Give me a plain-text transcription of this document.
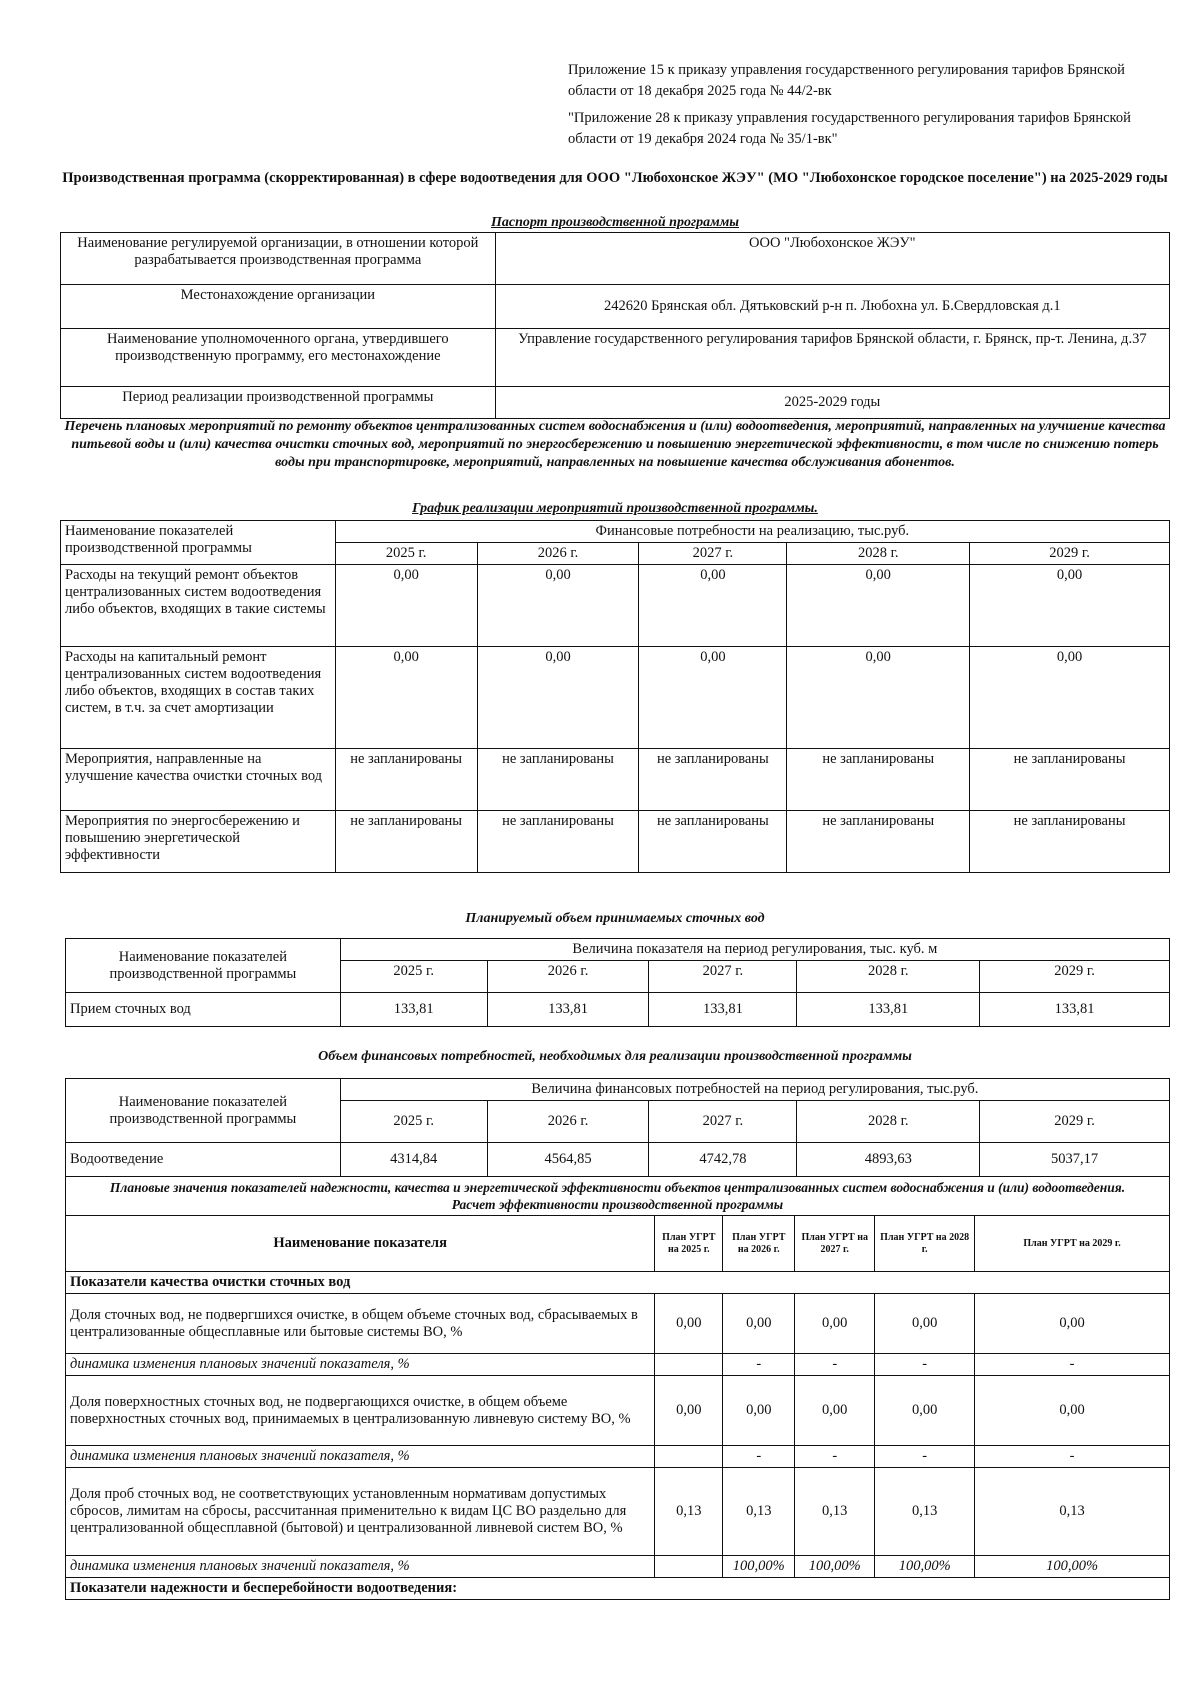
Приложение 15 к приказу управления государственного регулирования тарифов Брянской области от 18 декабря 2025 года № 44/2-вк
"Приложение 28 к приказу управления государственного регулирования тарифов Брянской области от 19 декабря 2024 года № 35/1-вк"
Производственная программа (скорректированная) в сфере водоотведения для ООО "Любохонское ЖЭУ" (МО "Любохонское городское поселение") на 2025-2029 годы
Паспорт производственной программы
Наименование регулируемой организации, в отношении которой разрабатывается производственная программа	ООО "Любохонское ЖЭУ"
Местонахождение организации	242620 Брянская обл. Дятьковский р-н п. Любохна ул. Б.Свердловская д.1
Наименование уполномоченного органа, утвердившего производственную программу, его местонахождение	Управление государственного регулирования тарифов Брянской области, г. Брянск, пр-т. Ленина, д.37
Период реализации производственной программы	2025-2029 годы
Перечень плановых мероприятий по ремонту объектов централизованных систем водоснабжения и (или) водоотведения, мероприятий, направленных на улучшение качества питьевой воды и (или) качества очистки сточных вод, мероприятий по энергосбережению и повышению энергетической эффективности, в том числе по снижению потерь воды при транспортировке, мероприятий, направленных на повышение качества обслуживания абонентов.
График реализации мероприятий производственной программы.
Наименование показателей производственной программы	Финансовые потребности на реализацию, тыс.руб.				
	2025 г.	2026 г.	2027 г.	2028 г.	2029 г.
Расходы на текущий ремонт объектов централизованных систем водоотведения либо объектов, входящих в такие системы	0,00	0,00	0,00	0,00	0,00
Расходы на капитальный ремонт централизованных систем водоотведения либо объектов, входящих в состав таких систем, в т.ч. за счет амортизации	0,00	0,00	0,00	0,00	0,00
Мероприятия, направленные на улучшение качества очистки сточных вод	не запланированы	не запланированы	не запланированы	не запланированы	не запланированы
Мероприятия по энергосбережению и повышению энергетической эффективности	не запланированы	не запланированы	не запланированы	не запланированы	не запланированы
Планируемый объем принимаемых сточных вод
Наименование показателей производственной программы	Величина показателя на период регулирования, тыс. куб. м				
	2025 г.	2026 г.	2027 г.	2028 г.	2029 г.
Прием сточных вод	133,81	133,81	133,81	133,81	133,81
Объем финансовых потребностей, необходимых для реализации производственной программы
Наименование показателей производственной программы	Величина финансовых потребностей на период регулирования, тыс.руб.				
	2025 г.	2026 г.	2027 г.	2028 г.	2029 г.
Водоотведение	4314,84	4564,85	4742,78	4893,63	5037,17
Плановые значения показателей надежности, качества и энергетической эффективности объектов централизованных систем водоснабжения и (или) водоотведения.
Расчет эффективности производственной программы					
Наименование показателя	План УГРТ на 2025 г.	План УГРТ на 2026 г.	План УГРТ на 2027 г.	План УГРТ на 2028 г.	План УГРТ на 2029 г.
Показатели качества очистки сточных вод					
Доля сточных вод, не подвергшихся очистке, в общем объеме сточных вод, сбрасываемых в централизованные общесплавные или бытовые системы ВО, %	0,00	0,00	0,00	0,00	0,00
динамика изменения плановых значений показателя, %		-	-	-	-
Доля поверхностных сточных вод, не подвергающихся очистке, в общем объеме поверхностных сточных вод, принимаемых в централизованную ливневую систему ВО, %	0,00	0,00	0,00	0,00	0,00
динамика изменения плановых значений показателя, %		-	-	-	-
Доля проб сточных вод, не соответствующих установленным нормативам допустимых сбросов, лимитам на сбросы, рассчитанная применительно к видам ЦС ВО раздельно для централизованной общесплавной (бытовой) и централизованной ливневой систем ВО, %	0,13	0,13	0,13	0,13	0,13
динамика изменения плановых значений показателя, %		100,00%	100,00%	100,00%	100,00%
Показатели надежности и бесперебойности водоотведения:					
